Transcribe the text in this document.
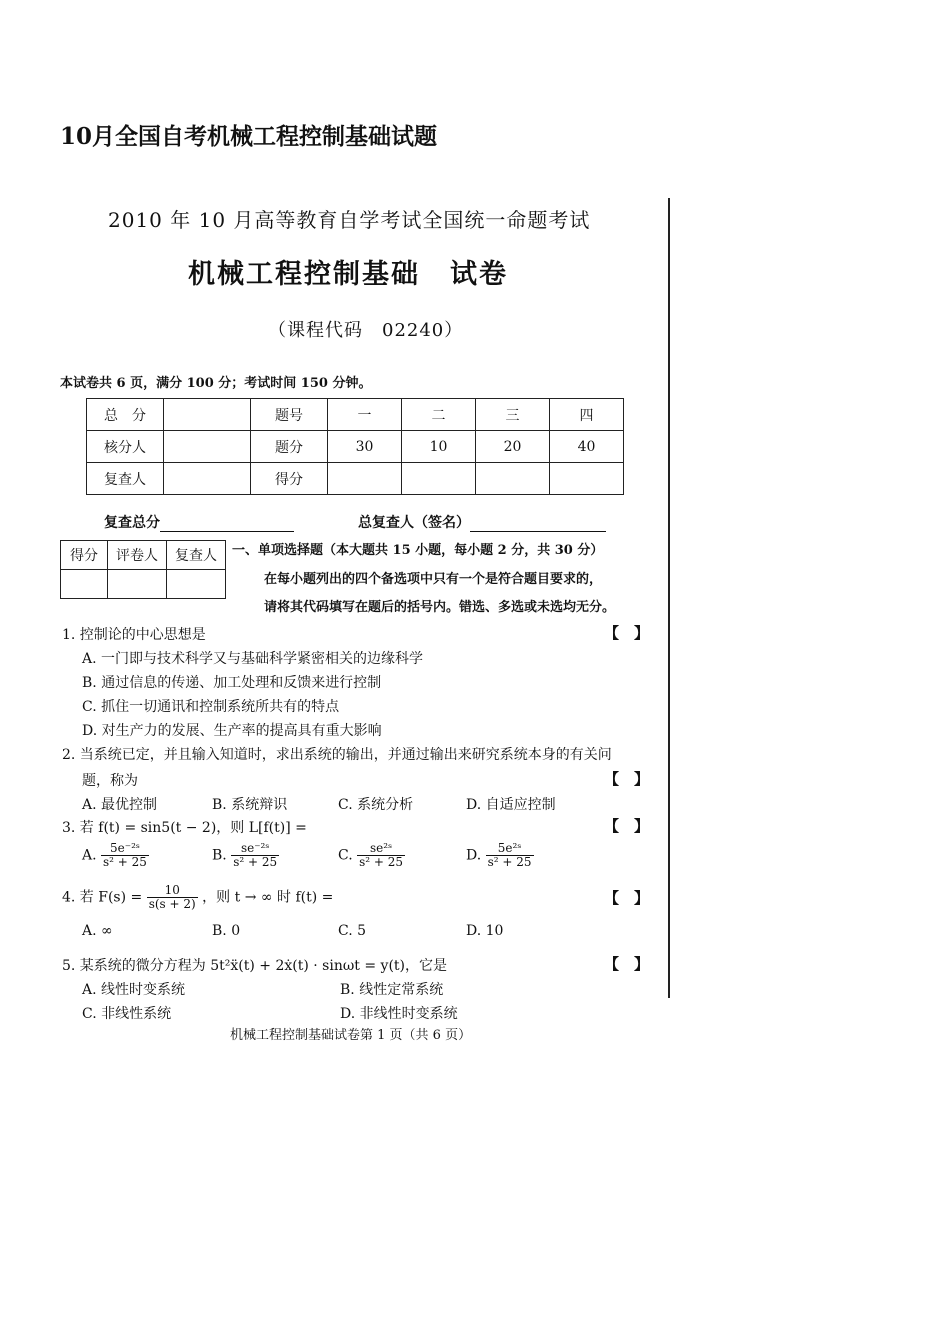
10月全国自考机械工程控制基础试题
2010 年 10 月高等教育自学考试全国统一命题考试
机械工程控制基础 试卷
（课程代码　02240）
本试卷共 6 页，满分 100 分；考试时间 150 分钟。
总　分		题号	一	二	三	四
核分人		题分	30	10	20	40
复查人		得分				
复查总分	总复查人（签名）
得分	评卷人	复查人
		一、单项选择题（本大题共 15 小题，每小题 2 分，共 30 分）
在每小题列出的四个备选项中只有一个是符合题目要求的，
请将其代码填写在题后的括号内。错选、多选或未选均无分。
1. 控制论的中心思想是	【　】
A. 一门即与技术科学又与基础科学紧密相关的边缘科学
B. 通过信息的传递、加工处理和反馈来进行控制
C. 抓住一切通讯和控制系统所共有的特点
D. 对生产力的发展、生产率的提高具有重大影响
2. 当系统已定，并且输入知道时，求出系统的输出，并通过输出来研究系统本身的有关问
题，称为	【　】
A. 最优控制	B. 系统辩识	C. 系统分析	D. 自适应控制
3. 若 f(t) = sin5(t − 2)，则 L[f(t)] =	【　】
A. $\frac{\text{5e⁻²ˢ}}{\text{s² + 25}}$	B. $\frac{\text{se⁻²ˢ}}{\text{s² + 25}}$	C. $\frac{\text{se²ˢ}}{\text{s² + 25}}$	D. $\frac{\text{5e²ˢ}}{\text{s² + 25}}$
4. 若 $F(s) = \frac{10}{s(s + 2)}$ ，则 t → ∞ 时 f(t) =	【　】
A. ∞	B. 0	C. 5	D. 10
5. 某系统的微分方程为 5t²ẍ(t) + 2ẋ(t) · sinωt = y(t)，它是	【　】
A. 线性时变系统	B. 线性定常系统
C. 非线性系统	D. 非线性时变系统
机械工程控制基础试卷第 1 页（共 6 页）
